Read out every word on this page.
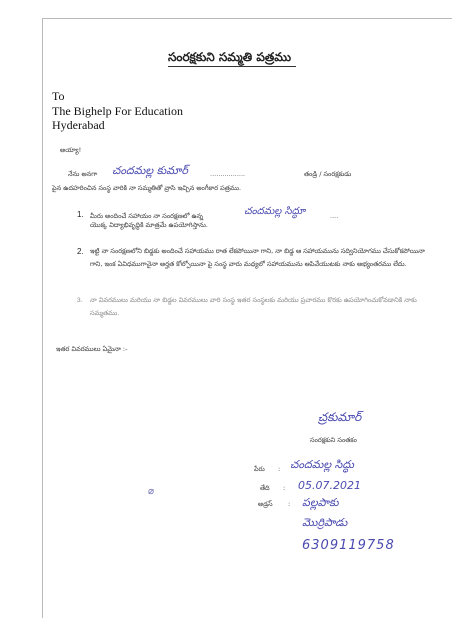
సంరక్షకుని సమ్మతి పత్రము
To
The Bighelp For Education
Hyderabad
అయ్యా!
నేను అనగా చందమల్ల కుమార్	.................	తండ్రి / సంరక్షకుడు
పైన ఉదహరించిన సంస్థ వారికి నా సమ్మతితో వ్రాసి ఇచ్చిన అంగీకార పత్రము.
1. మీరు అందించే సహాయం నా సంరక్షణలో ఉన్న	చందమల్ల సిద్ధూ	....
యొక్క విద్యాభివృద్ధికి మాత్రమే ఉపయోగిస్తాను.
2. ఇట్టి నా సంరక్షణలోని బిడ్డకు అందించే సహాయము రాత లేకపోయినా గాని, నా బిడ్డ ఆ సహాయమును సద్వినియోగము చేసుకోకపోయినా గాని, ఇంక ఏవిధముగానైనా అర్హత కోల్పోయినా పై సంస్థ వారు మధ్యలో సహాయమును ఆపివేయుటకు నాకు అభ్యంతరము లేదు.
3. నా వివరములు మరియు నా బిడ్డల వివరములు వారి సంస్థ ఇతర సంస్థలకు మరియు ప్రచారము కొరకు ఉపయోగించుకోవడానికి నాకు సమ్మతము.
ఇతర వివరములు ఏమైనా :-
చ్రకుమార్
సంరక్షకుని సంతకం
పేరు : చందమల్ల సిద్ధు
తేది : 05.07.2021
అడ్రస్ : పల్లపాకు
మొర్రిపాడు
6309119758
⌀
